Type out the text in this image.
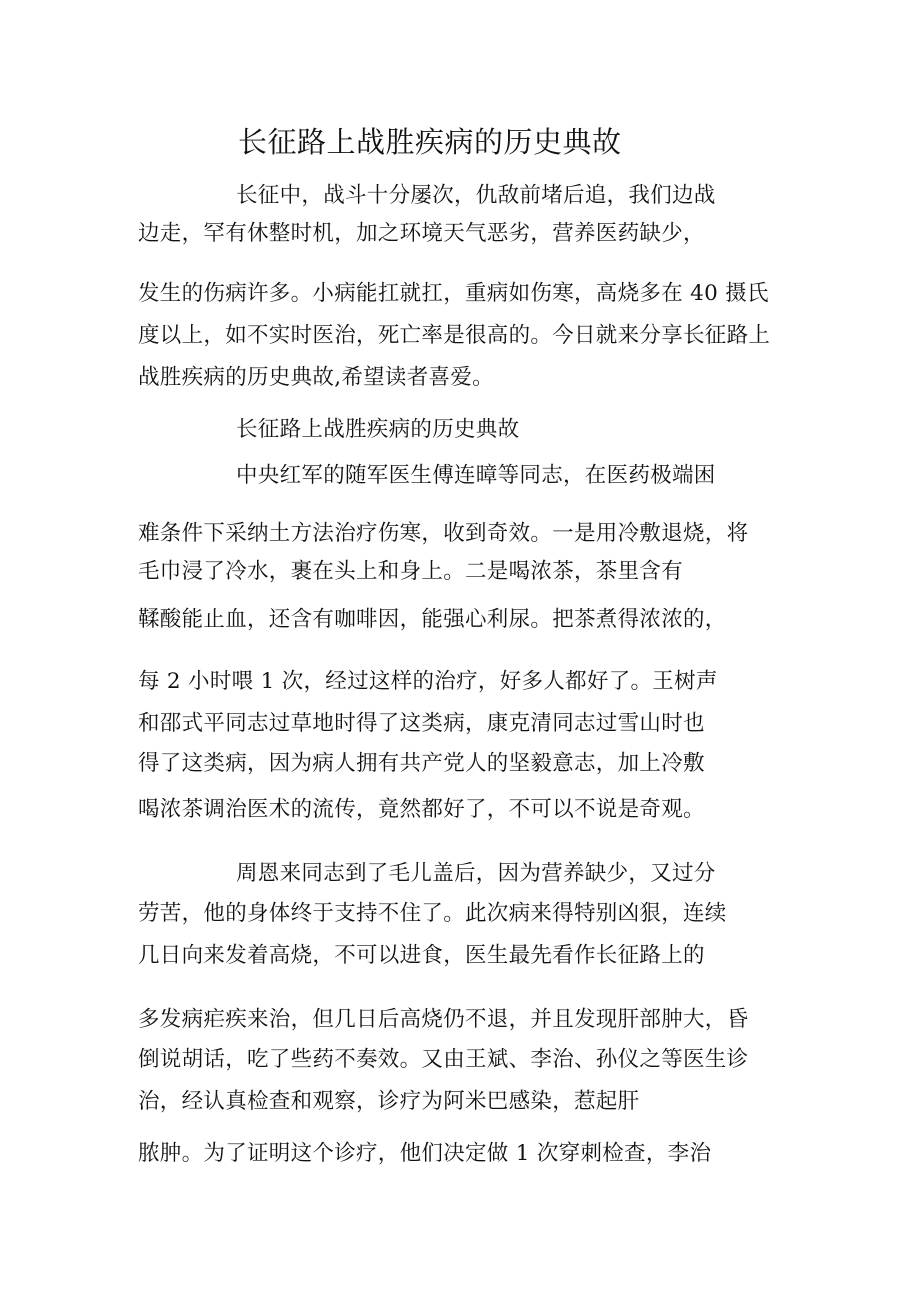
长征路上战胜疾病的历史典故
长征中，战斗十分屡次，仇敌前堵后追，我们边战
边走，罕有休整时机，加之环境天气恶劣，营养医药缺少，
发生的伤病许多。小病能扛就扛，重病如伤寒，高烧多在 40 摄氏
度以上，如不实时医治，死亡率是很高的。今日就来分享长征路上
战胜疾病的历史典故,希望读者喜爱。
长征路上战胜疾病的历史典故
中央红军的随军医生傅连暲等同志，在医药极端困
难条件下采纳土方法治疗伤寒，收到奇效。一是用冷敷退烧，将
毛巾浸了冷水，裹在头上和身上。二是喝浓茶，茶里含有
鞣酸能止血，还含有咖啡因，能强心利尿。把茶煮得浓浓的，
每 2 小时喂 1 次，经过这样的治疗，好多人都好了。王树声
和邵式平同志过草地时得了这类病，康克清同志过雪山时也
得了这类病，因为病人拥有共产党人的坚毅意志，加上冷敷
喝浓茶调治医术的流传，竟然都好了，不可以不说是奇观。
周恩来同志到了毛儿盖后，因为营养缺少，又过分
劳苦，他的身体终于支持不住了。此次病来得特别凶狠，连续
几日向来发着高烧，不可以进食，医生最先看作长征路上的
多发病疟疾来治，但几日后高烧仍不退，并且发现肝部肿大，昏
倒说胡话，吃了些药不奏效。又由王斌、李治、孙仪之等医生诊
治，经认真检查和观察，诊疗为阿米巴感染，惹起肝
脓肿。为了证明这个诊疗，他们决定做 1 次穿刺检查，李治
